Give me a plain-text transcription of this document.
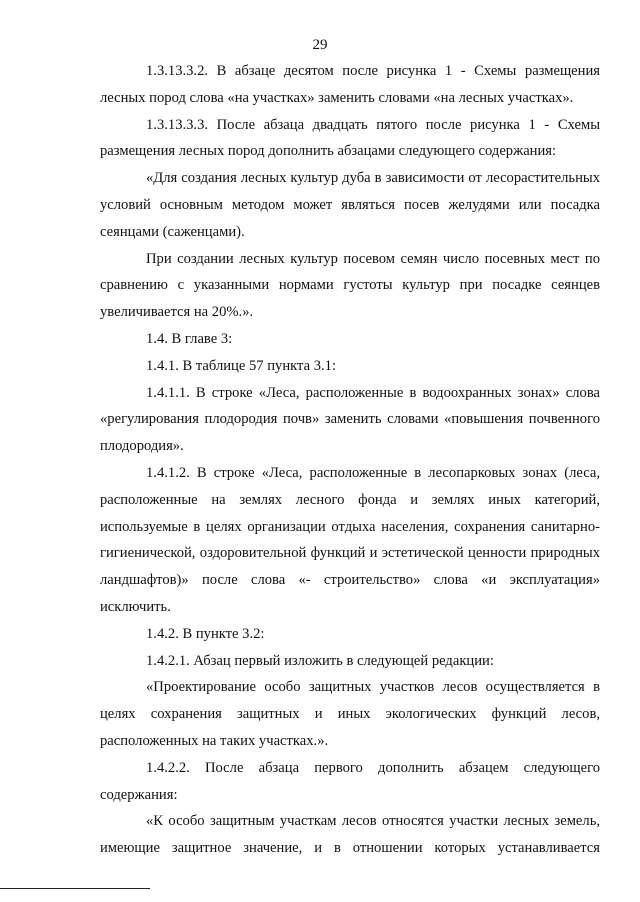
29

1.3.13.3.2. В абзаце десятом после рисунка 1 - Схемы размещения лесных пород слова «на участках» заменить словами «на лесных участках».

1.3.13.3.3. После абзаца двадцать пятого после рисунка 1 - Схемы размещения лесных пород дополнить абзацами следующего содержания:

«Для создания лесных культур дуба в зависимости от лесорастительных условий основным методом может являться посев желудями или посадка сеянцами (саженцами).

При создании лесных культур посевом семян число посевных мест по сравнению с указанными нормами густоты культур при посадке сеянцев увеличивается на 20%.».

1.4. В главе 3:

1.4.1. В таблице 57 пункта 3.1:

1.4.1.1. В строке «Леса, расположенные в водоохранных зонах» слова «регулирования плодородия почв» заменить словами «повышения почвенного плодородия».

1.4.1.2. В строке «Леса, расположенные в лесопарковых зонах (леса, расположенные на землях лесного фонда и землях иных категорий, используемые в целях организации отдыха населения, сохранения санитарно-гигиенической, оздоровительной функций и эстетической ценности природных ландшафтов)» после слова «- строительство» слова «и эксплуатация» исключить.

1.4.2. В пункте 3.2:

1.4.2.1. Абзац первый изложить в следующей редакции:

«Проектирование особо защитных участков лесов осуществляется в целях сохранения защитных и иных экологических функций лесов, расположенных на таких участках.».

1.4.2.2. После абзаца первого дополнить абзацем следующего содержания:

«К особо защитным участкам лесов относятся участки лесных земель, имеющие защитное значение, и в отношении которых устанавливается
